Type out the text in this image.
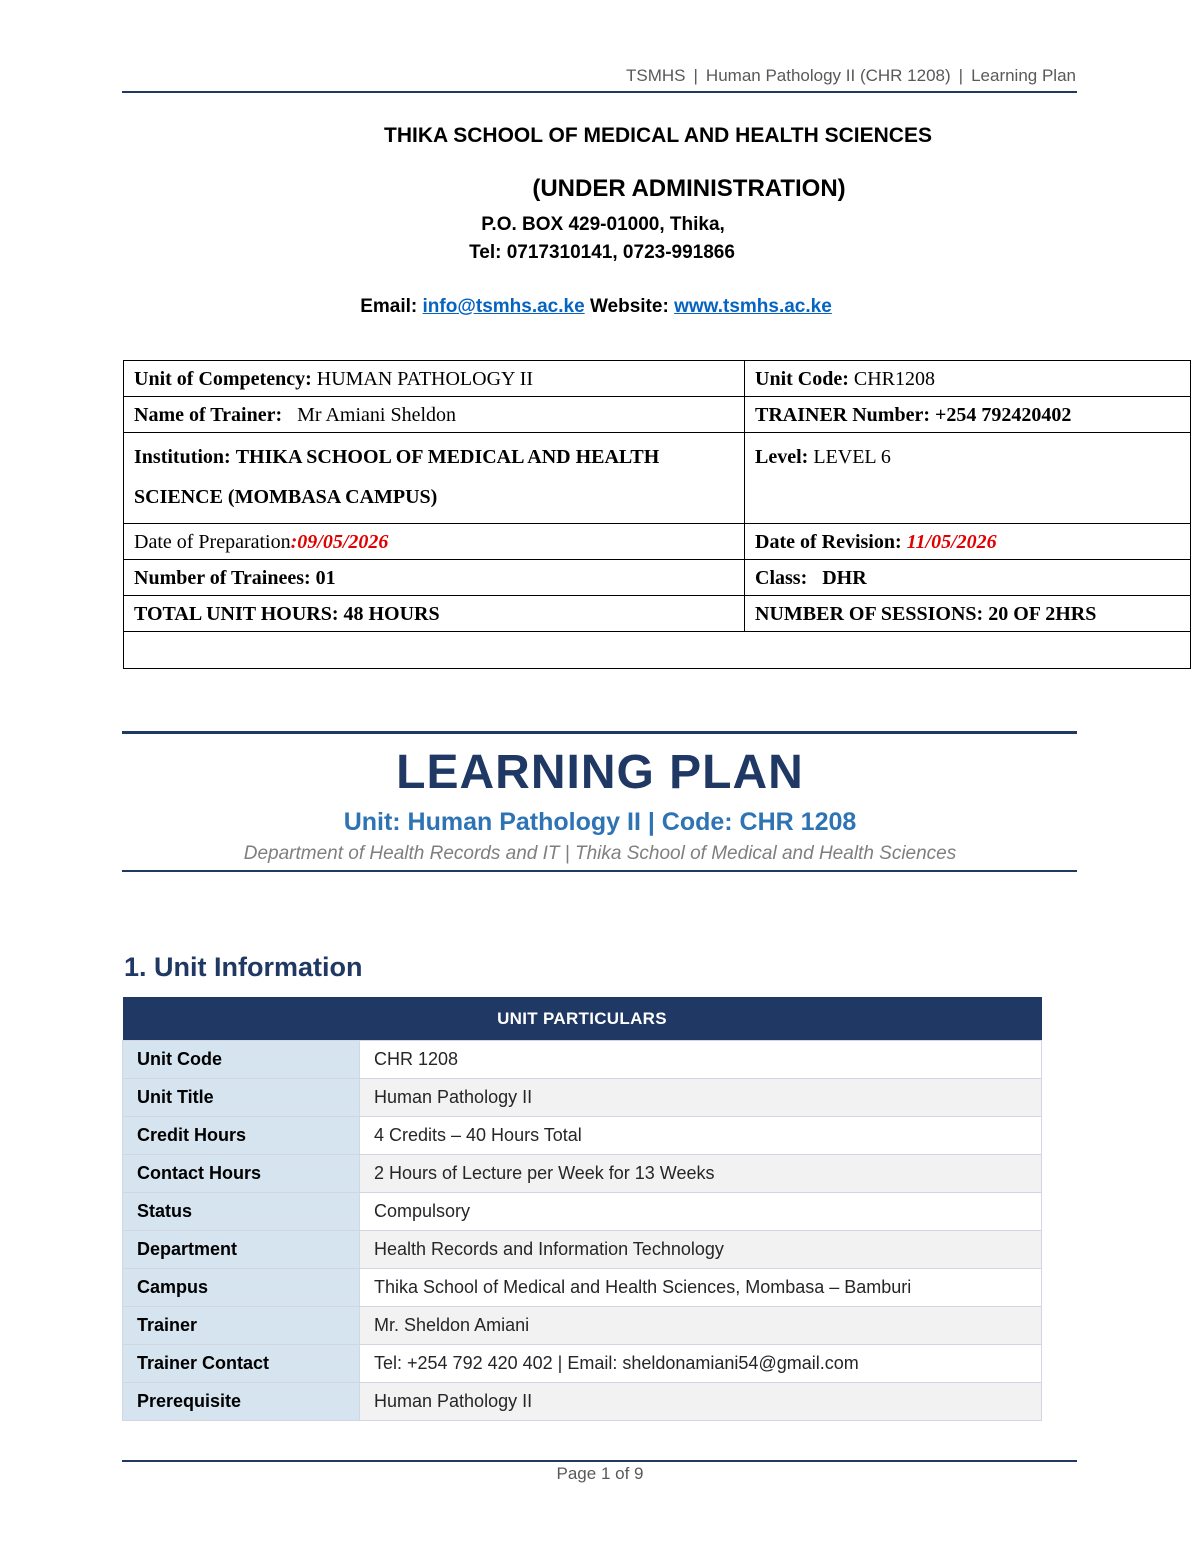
TSMHS | Human Pathology II (CHR 1208) | Learning Plan
THIKA SCHOOL OF MEDICAL AND HEALTH SCIENCES
(UNDER ADMINISTRATION)
P.O. BOX 429-01000, Thika,
Tel: 0717310141, 0723-991866
Email: info@tsmhs.ac.ke Website: www.tsmhs.ac.ke
Unit of Competency: HUMAN PATHOLOGY II	Unit Code: CHR1208
Name of Trainer: Mr Amiani Sheldon	TRAINER Number: +254 792420402
Institution: THIKA SCHOOL OF MEDICAL AND HEALTH SCIENCE (MOMBASA CAMPUS)	Level: LEVEL 6
Date of Preparation:09/05/2026	Date of Revision: 11/05/2026
Number of Trainees: 01	Class: DHR
TOTAL UNIT HOURS: 48 HOURS	NUMBER OF SESSIONS: 20 OF 2HRS

LEARNING PLAN
Unit: Human Pathology II | Code: CHR 1208
Department of Health Records and IT | Thika School of Medical and Health Sciences
1. Unit Information
UNIT PARTICULARS	
Unit Code	CHR 1208
Unit Title	Human Pathology II
Credit Hours	4 Credits – 40 Hours Total
Contact Hours	2 Hours of Lecture per Week for 13 Weeks
Status	Compulsory
Department	Health Records and Information Technology
Campus	Thika School of Medical and Health Sciences, Mombasa – Bamburi
Trainer	Mr. Sheldon Amiani
Trainer Contact	Tel: +254 792 420 402 | Email: sheldonamiani54@gmail.com
Prerequisite	Human Pathology II
Page 1 of 9
